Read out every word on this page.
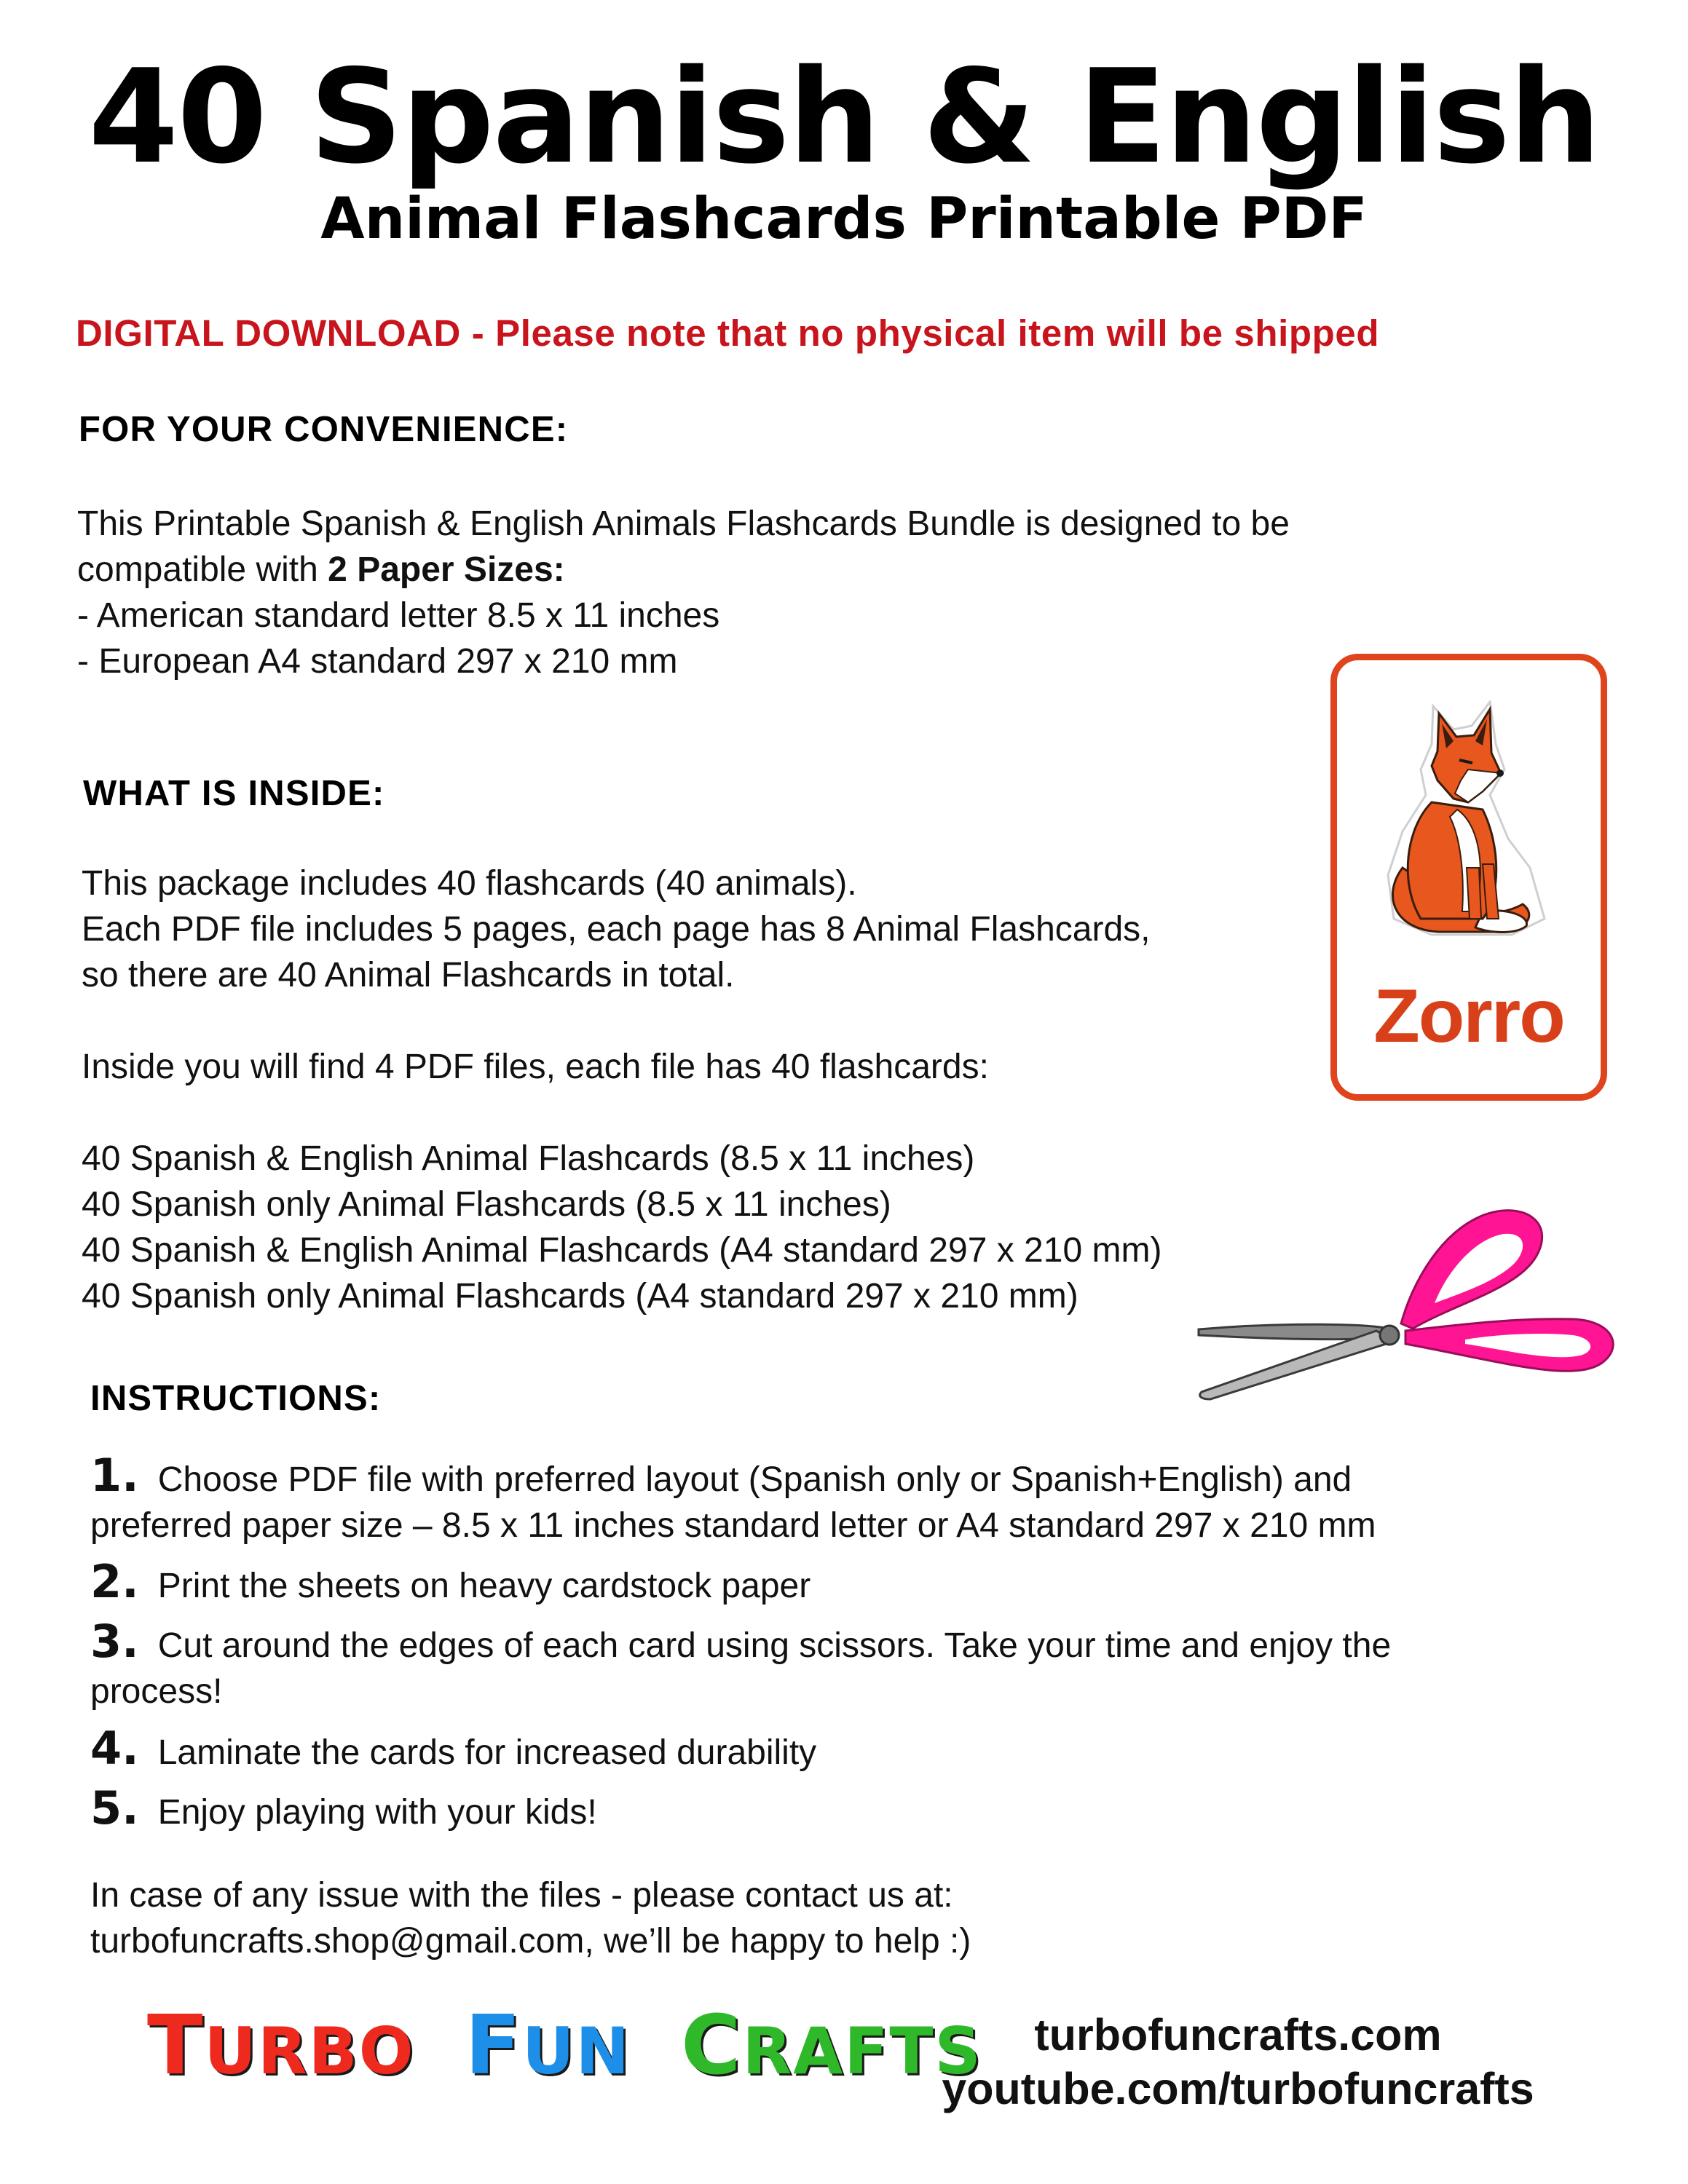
40 Spanish & English
Animal Flashcards Printable PDF
DIGITAL DOWNLOAD - Please note that no physical item will be shipped
FOR YOUR CONVENIENCE:
This Printable Spanish & English Animals Flashcards Bundle is designed to be
compatible with 2 Paper Sizes:
- American standard letter 8.5 x 11 inches
- European A4 standard 297 x 210 mm
WHAT IS INSIDE:
This package includes 40 flashcards (40 animals).
Each PDF file includes 5 pages, each page has 8 Animal Flashcards,
so there are 40 Animal Flashcards in total.
Inside you will find 4 PDF files, each file has 40 flashcards:
40 Spanish & English Animal Flashcards (8.5 x 11 inches)
40 Spanish only Animal Flashcards (8.5 x 11 inches)
40 Spanish & English Animal Flashcards (A4 standard 297 x 210 mm)
40 Spanish only Animal Flashcards (A4 standard 297 x 210 mm)
Zorro
INSTRUCTIONS:
1. Choose PDF file with preferred layout (Spanish only or Spanish+English) and
preferred paper size – 8.5 x 11 inches standard letter or A4 standard 297 x 210 mm
2. Print the sheets on heavy cardstock paper
3. Cut around the edges of each card using scissors. Take your time and enjoy the
process!
4. Laminate the cards for increased durability
5. Enjoy playing with your kids!
In case of any issue with the files - please contact us at:
turbofuncrafts.shop@gmail.com, we’ll be happy to help :)
TURBO FUN CRAFTS	turbofuncrafts.com
youtube.com/turbofuncrafts
